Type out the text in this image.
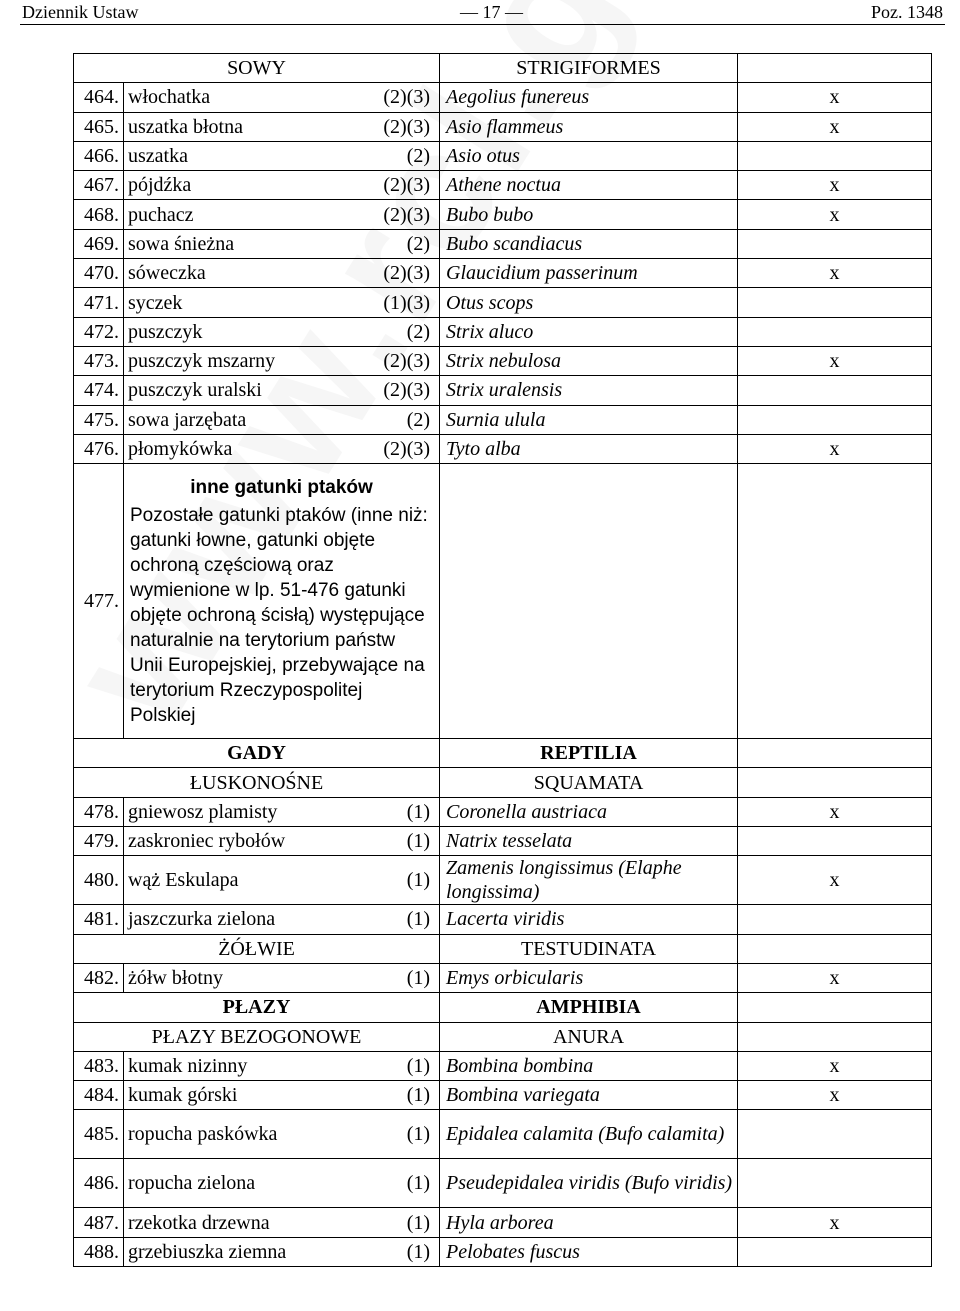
Dziennik Ustaw	— 17 —	Poz. 1348
SOWY		STRIGIFORMES	
464.	włochatka (2)(3)	Aegolius funereus	x
465.	uszatka błotna (2)(3)	Asio flammeus	x
466.	uszatka (2)	Asio otus	
467.	pójdźka (2)(3)	Athene noctua	x
468.	puchacz (2)(3)	Bubo bubo	x
469.	sowa śnieżna (2)	Bubo scandiacus	
470.	sóweczka (2)(3)	Glaucidium passerinum	x
471.	syczek (1)(3)	Otus scops	
472.	puszczyk (2)	Strix aluco	
473.	puszczyk mszarny (2)(3)	Strix nebulosa	x
474.	puszczyk uralski (2)(3)	Strix uralensis	
475.	sowa jarzębata (2)	Surnia ulula	
476.	płomykówka (2)(3)	Tyto alba	x
477.	inne gatunki ptaków
Pozostałe gatunki ptaków (inne niż: gatunki łowne, gatunki objęte ochroną częściową oraz wymienione w lp. 51-476 gatunki objęte ochroną ścisłą) występujące naturalnie na terytorium państw Unii Europejskiej, przebywające na terytorium Rzeczypospolitej Polskiej		
GADY		REPTILIA	
ŁUSKONOŚNE		SQUAMATA	
478.	gniewosz plamisty (1)	Coronella austriaca	x
479.	zaskroniec rybołów (1)	Natrix tesselata	
480.	wąż Eskulapa (1)	Zamenis longissimus (Elaphe longissima)	x
481.	jaszczurka zielona (1)	Lacerta viridis	
ŻÓŁWIE		TESTUDINATA	
482.	żółw błotny (1)	Emys orbicularis	x
PŁAZY		AMPHIBIA	
PŁAZY BEZOGONOWE		ANURA	
483.	kumak nizinny (1)	Bombina bombina	x
484.	kumak górski (1)	Bombina variegata	x
485.	ropucha paskówka (1)	Epidalea calamita (Bufo calamita)	
486.	ropucha zielona (1)	Pseudepidalea viridis (Bufo viridis)	
487.	rzekotka drzewna (1)	Hyla arborea	x
488.	grzebiuszka ziemna (1)	Pelobates fuscus	
